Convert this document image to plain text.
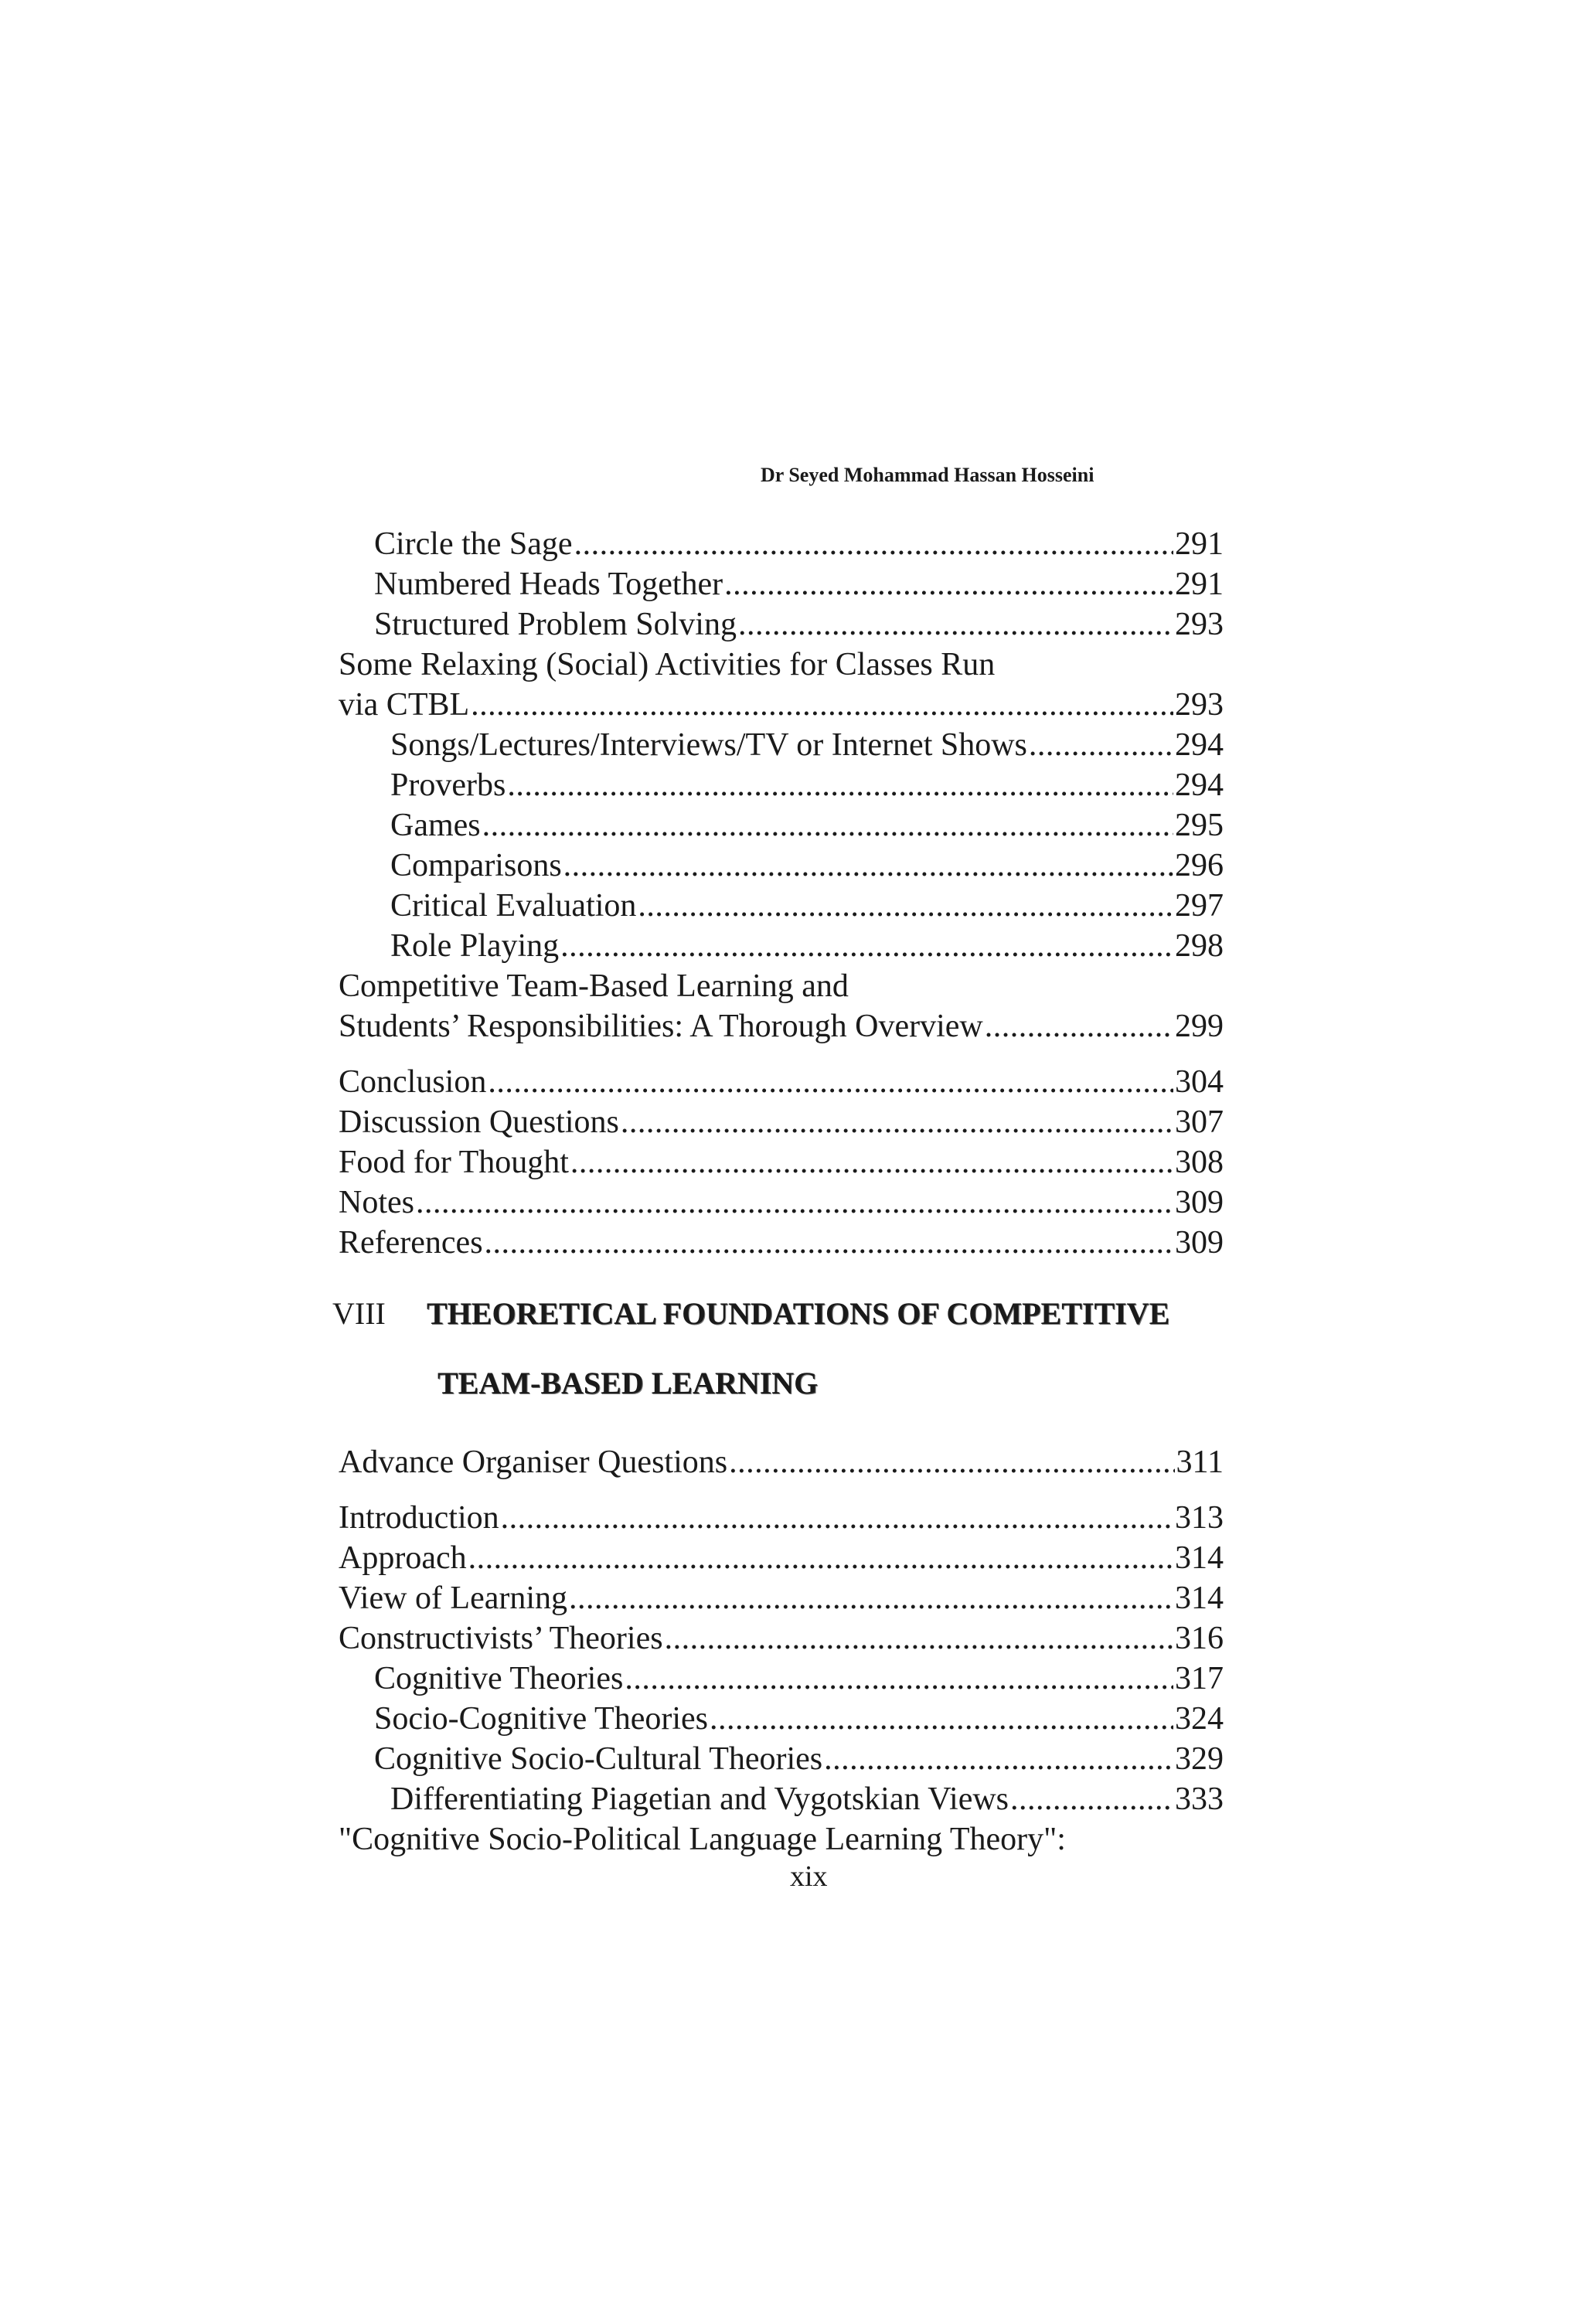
Dr Seyed Mohammad Hassan Hosseini
Circle the Sage .....	291
Numbered Heads Together .....	291
Structured Problem Solving .....	293
Some Relaxing (Social) Activities for Classes Run
via CTBL .....	293
Songs/Lectures/Interviews/TV or Internet Shows .....	294
Proverbs .....	294
Games .....	295
Comparisons .....	296
Critical Evaluation .....	297
Role Playing .....	298
Competitive Team-Based Learning and
Students’ Responsibilities: A Thorough Overview .....	299
Conclusion .....	304
Discussion Questions .....	307
Food for Thought .....	308
Notes .....	309
References .....	309
VIII THEORETICAL FOUNDATIONS OF COMPETITIVE
TEAM-BASED LEARNING
Advance Organiser Questions .....	311
Introduction .....	313
Approach .....	314
View of Learning .....	314
Constructivists’ Theories .....	316
Cognitive Theories .....	317
Socio-Cognitive Theories .....	324
Cognitive Socio-Cultural Theories .....	329
Differentiating Piagetian and Vygotskian Views .....	333
"Cognitive Socio-Political Language Learning Theory":
xix
